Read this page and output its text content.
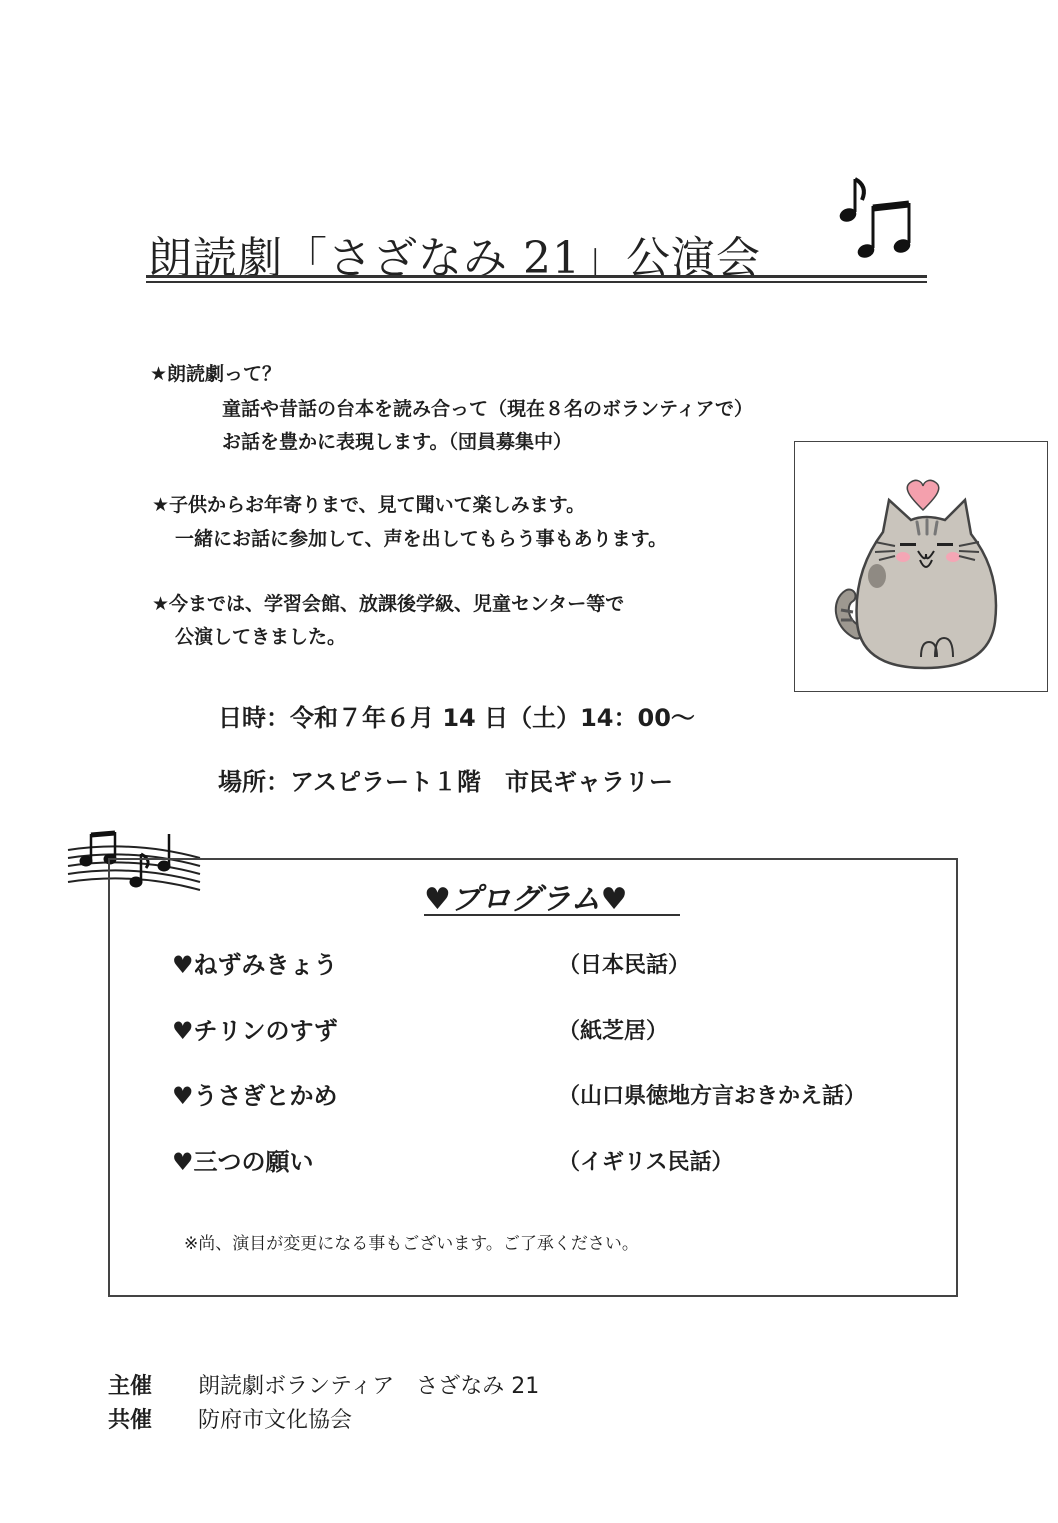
朗読劇「さざなみ 21」公演会
★朗読劇って？
童話や昔話の台本を読み合って（現在８名のボランティアで）
お話を豊かに表現します。（団員募集中）
★子供からお年寄りまで、見て聞いて楽しみます。
一緒にお話に参加して、声を出してもらう事もあります。
★今までは、学習会館、放課後学級、児童センター等で
公演してきました。
日時：令和７年６月 14 日（土）14：00～
場所：アスピラート１階　市民ギャラリー
♥プログラム♥
♥ねずみきょう	（日本民話）
♥チリンのすず	（紙芝居）
♥うさぎとかめ	（山口県徳地方言おきかえ話）
♥三つの願い	（イギリス民話）
※尚、演目が変更になる事もございます。ご了承ください。
主催 朗読劇ボランティア　さざなみ 21
共催 防府市文化協会
